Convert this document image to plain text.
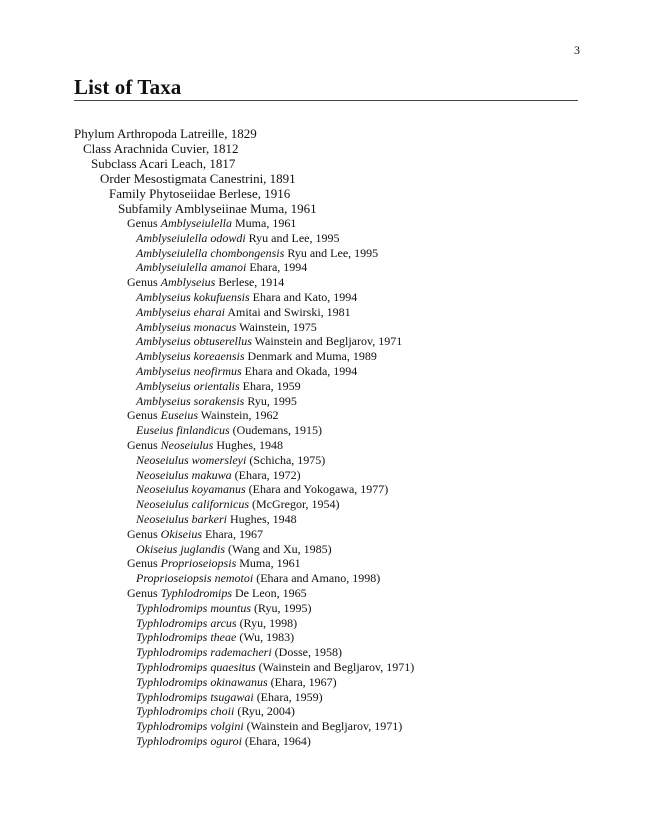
3
List of Taxa
Phylum Arthropoda Latreille, 1829
Class Arachnida Cuvier, 1812
Subclass Acari Leach, 1817
Order Mesostigmata Canestrini, 1891
Family Phytoseiidae Berlese, 1916
Subfamily Amblyseiinae Muma, 1961
Genus Amblyseiulella Muma, 1961
Amblyseiulella odowdi Ryu and Lee, 1995
Amblyseiulella chombongensis Ryu and Lee, 1995
Amblyseiulella amanoi Ehara, 1994
Genus Amblyseius Berlese, 1914
Amblyseius kokufuensis Ehara and Kato, 1994
Amblyseius eharai Amitai and Swirski, 1981
Amblyseius monacus Wainstein, 1975
Amblyseius obtuserellus Wainstein and Begljarov, 1971
Amblyseius koreaensis Denmark and Muma, 1989
Amblyseius neofirmus Ehara and Okada, 1994
Amblyseius orientalis Ehara, 1959
Amblyseius sorakensis Ryu, 1995
Genus Euseius Wainstein, 1962
Euseius finlandicus (Oudemans, 1915)
Genus Neoseiulus Hughes, 1948
Neoseiulus womersleyi (Schicha, 1975)
Neoseiulus makuwa (Ehara, 1972)
Neoseiulus koyamanus (Ehara and Yokogawa, 1977)
Neoseiulus californicus (McGregor, 1954)
Neoseiulus barkeri Hughes, 1948
Genus Okiseius Ehara, 1967
Okiseius juglandis (Wang and Xu, 1985)
Genus Proprioseiopsis Muma, 1961
Proprioseiopsis nemotoi (Ehara and Amano, 1998)
Genus Typhlodromips De Leon, 1965
Typhlodromips mountus (Ryu, 1995)
Typhlodromips arcus (Ryu, 1998)
Typhlodromips theae (Wu, 1983)
Typhlodromips rademacheri (Dosse, 1958)
Typhlodromips quaesitus (Wainstein and Begljarov, 1971)
Typhlodromips okinawanus (Ehara, 1967)
Typhlodromips tsugawai (Ehara, 1959)
Typhlodromips choii (Ryu, 2004)
Typhlodromips volgini (Wainstein and Begljarov, 1971)
Typhlodromips oguroi (Ehara, 1964)
